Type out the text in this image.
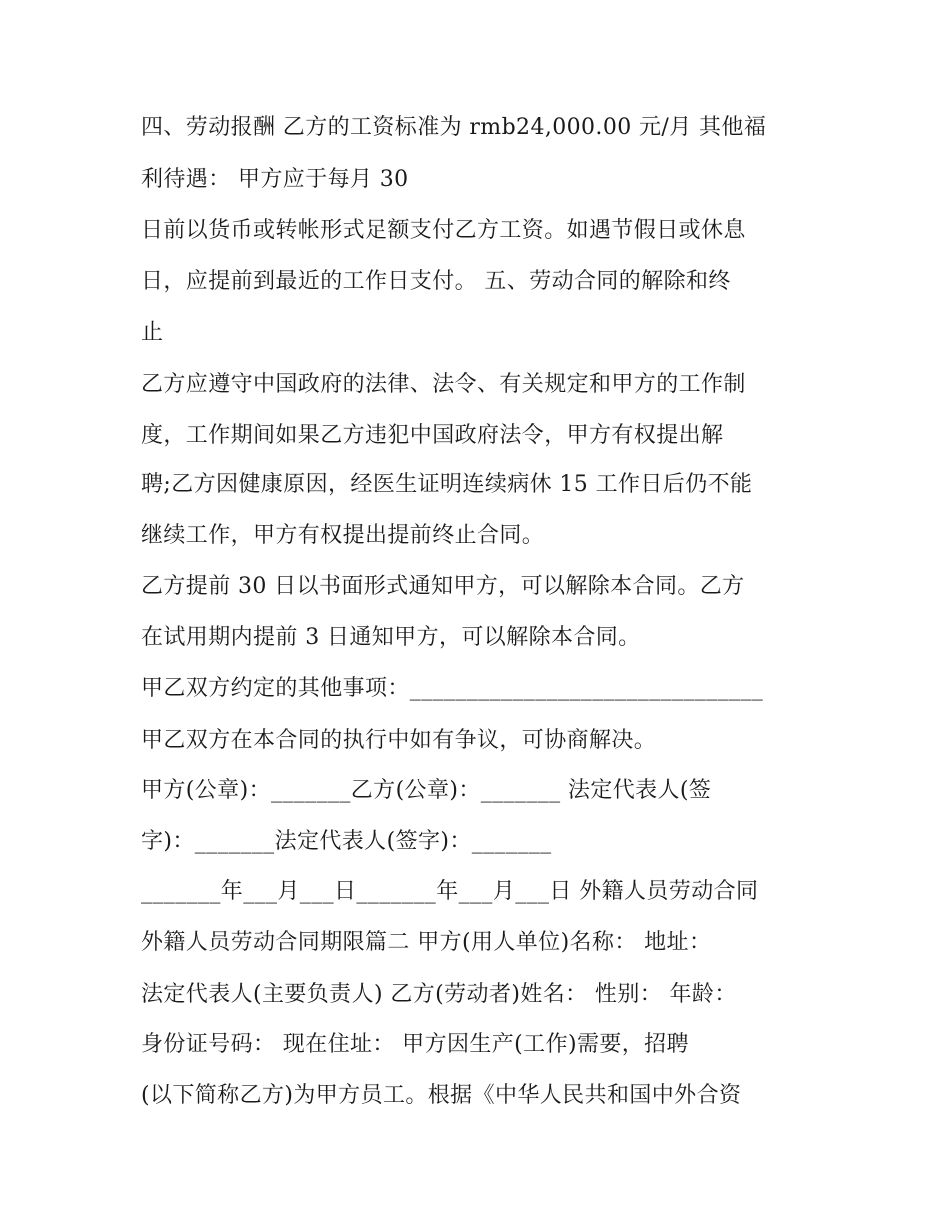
四、劳动报酬 乙方的工资标准为 rmb24,000.00 元/月 其他福
利待遇： 甲方应于每月 30
日前以货币或转帐形式足额支付乙方工资。如遇节假日或休息
日，应提前到最近的工作日支付。 五、劳动合同的解除和终
止
乙方应遵守中国政府的法律、法令、有关规定和甲方的工作制
度，工作期间如果乙方违犯中国政府法令，甲方有权提出解
聘;乙方因健康原因，经医生证明连续病休 15 工作日后仍不能
继续工作，甲方有权提出提前终止合同。
乙方提前 30 日以书面形式通知甲方，可以解除本合同。乙方
在试用期内提前 3 日通知甲方，可以解除本合同。
甲乙双方约定的其他事项：_______________________________
甲乙双方在本合同的执行中如有争议，可协商解决。
甲方(公章)：_______乙方(公章)：_______ 法定代表人(签
字)：_______法定代表人(签字)：_______
_______年___月___日_______年___月___日 外籍人员劳动合同
外籍人员劳动合同期限篇二 甲方(用人单位)名称： 地址：
法定代表人(主要负责人) 乙方(劳动者)姓名： 性别： 年龄：
身份证号码： 现在住址： 甲方因生产(工作)需要，招聘
(以下简称乙方)为甲方员工。根据《中华人民共和国中外合资
